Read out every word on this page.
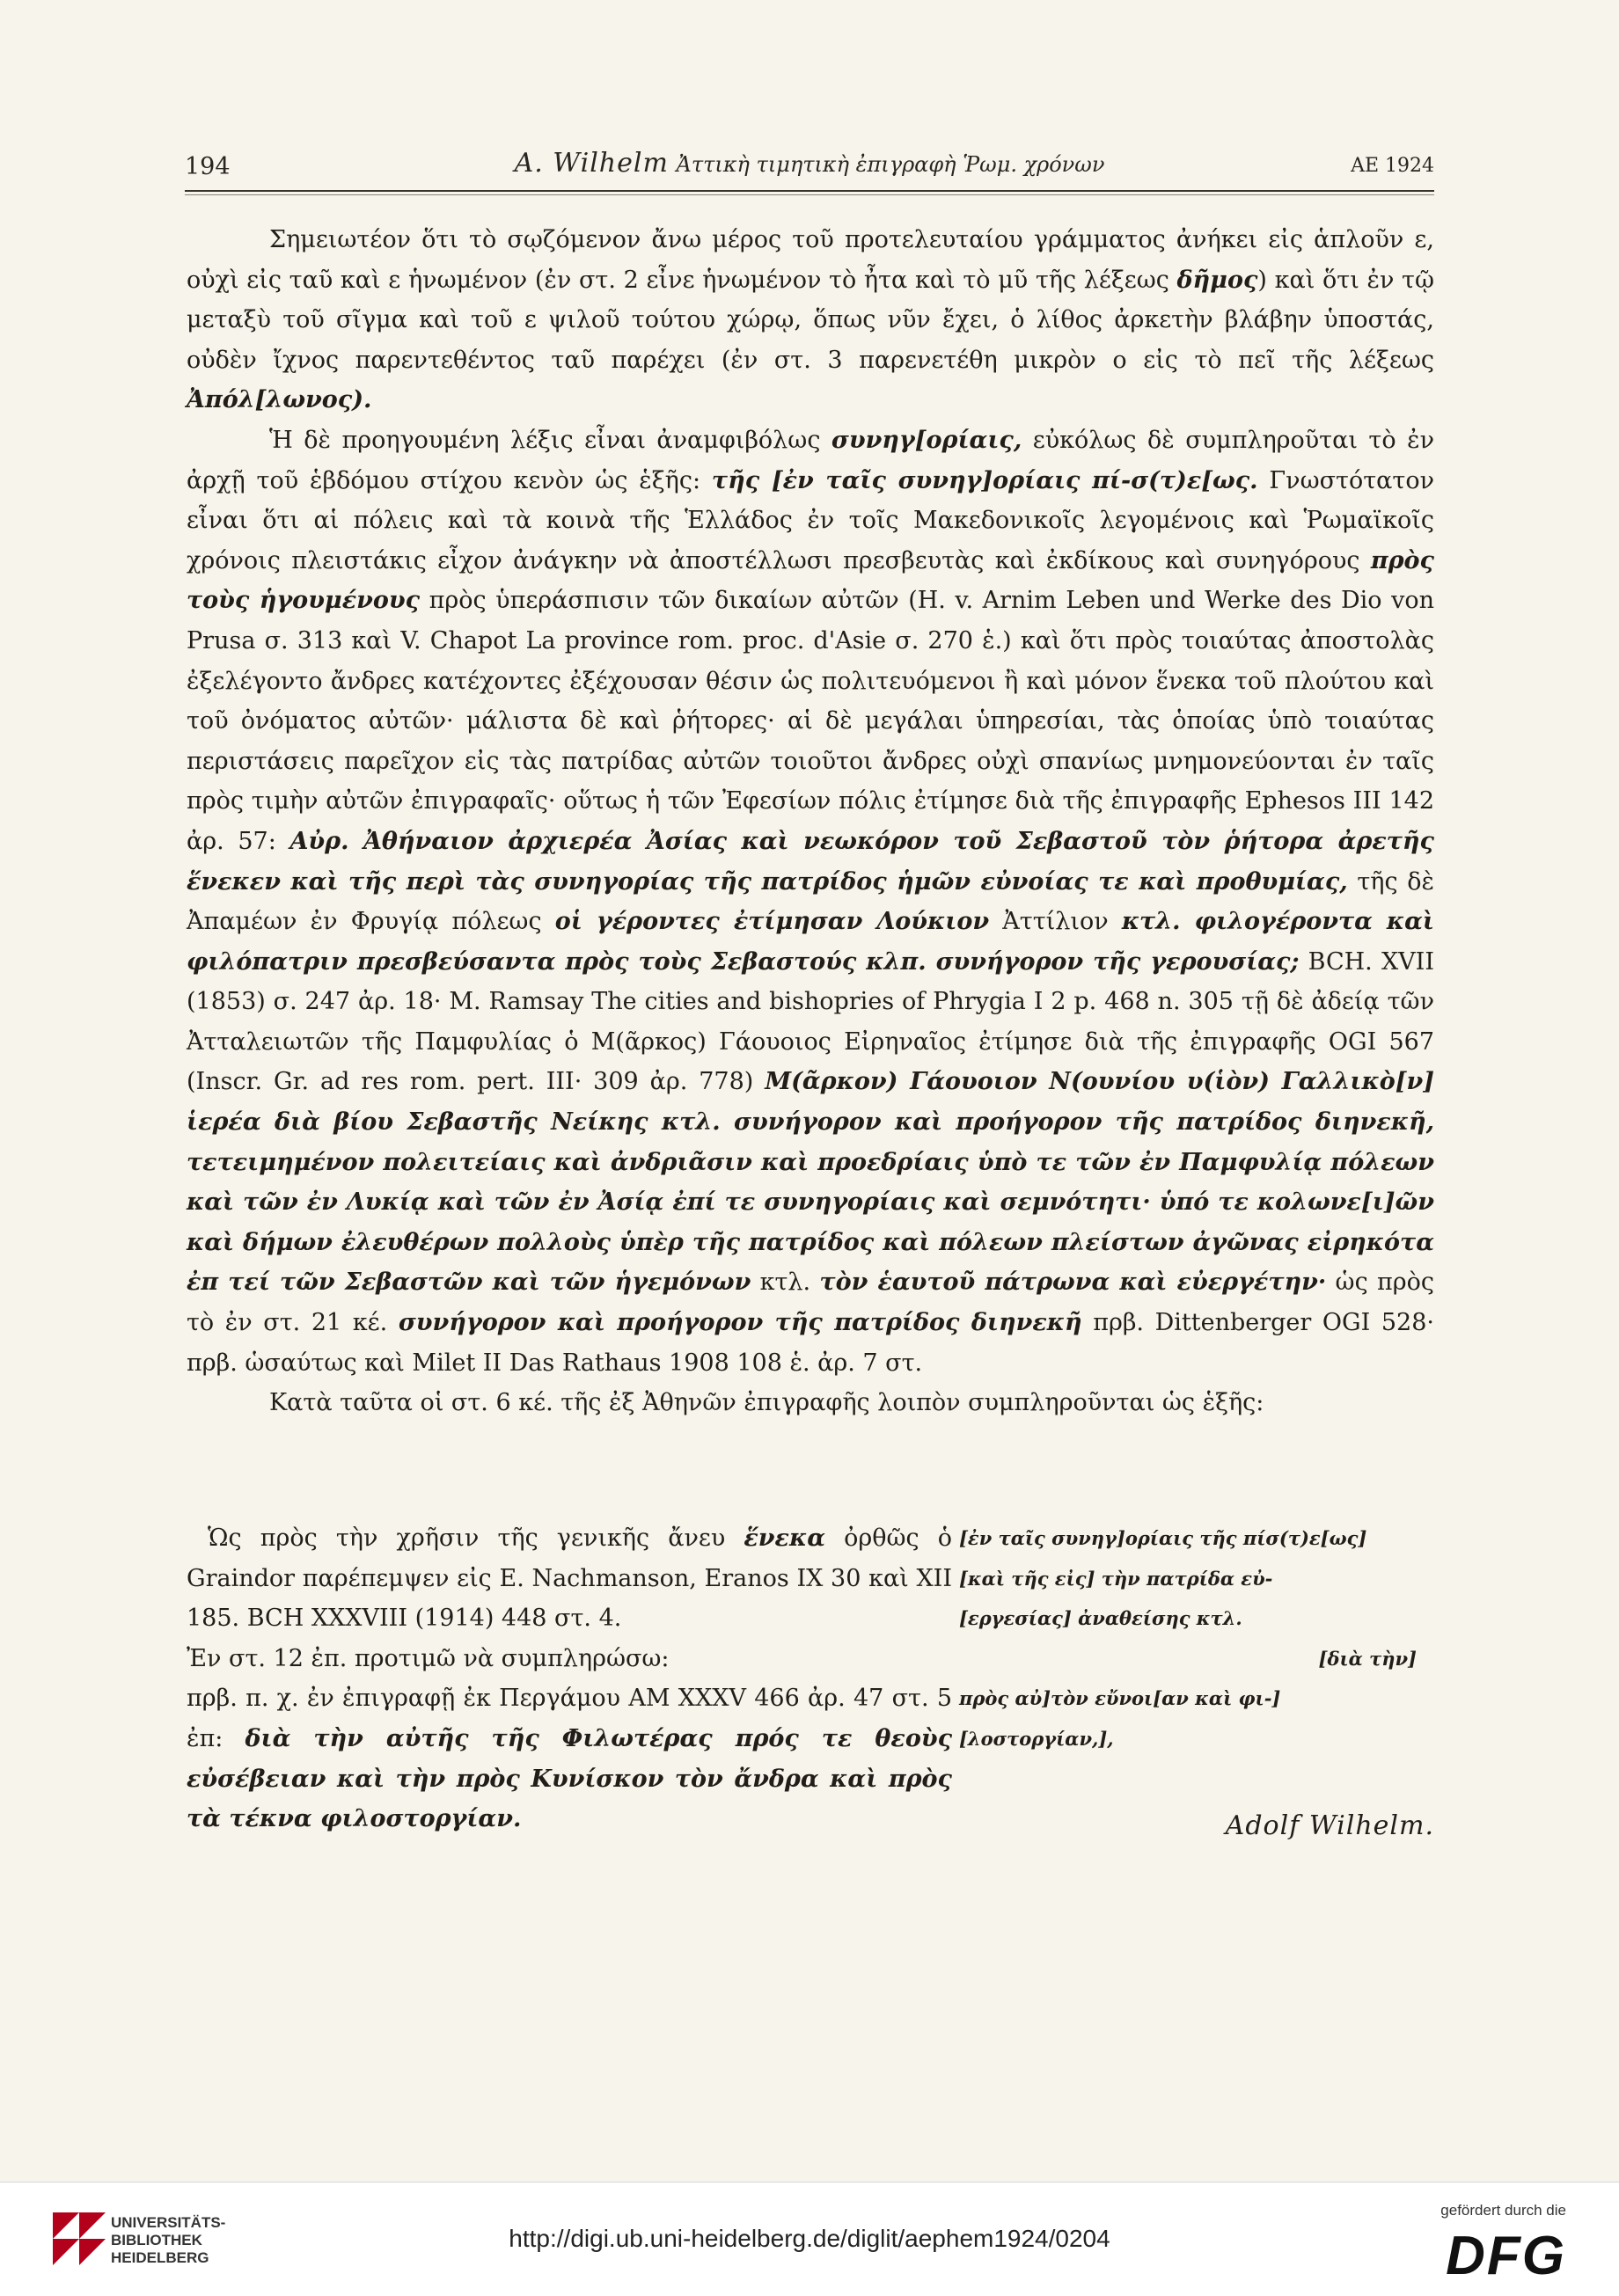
194	A. Wilhelm Ἀττικὴ τιμητικὴ ἐπιγραφὴ Ῥωμ. χρόνων	ΑΕ 1924

Σημειωτέον ὅτι τὸ σῳζόμενον ἄνω μέρος τοῦ προτελευταίου γράμματος ἀνήκει εἰς ἁπλοῦν ε, οὐχὶ εἰς ταῦ καὶ ε ἡνωμένον (ἐν στ. 2 εἶνε ἡνωμένον τὸ ἦτα καὶ τὸ μῦ τῆς λέξεως δῆμος) καὶ ὅτι ἐν τῷ μεταξὺ τοῦ σῖγμα καὶ τοῦ ε ψιλοῦ τούτου χώρῳ, ὅπως νῦν ἔχει, ὁ λίθος ἀρκετὴν βλάβην ὑποστάς, οὐδὲν ἴχνος παρεντεθέντος ταῦ παρέχει (ἐν στ. 3 παρενετέθη μικρὸν ο εἰς τὸ πεῖ τῆς λέξεως Ἀπόλ[λωνος).

Ἡ δὲ προηγουμένη λέξις εἶναι ἀναμφιβόλως συνηγ[ορίαις, εὐκόλως δὲ συμπληροῦται τὸ ἐν ἀρχῇ τοῦ ἑβδόμου στίχου κενὸν ὡς ἑξῆς: τῆς [ἐν ταῖς συνηγ]ορίαις πί-σ(τ)ε[ως. Γνωστότατον εἶναι ὅτι αἱ πόλεις καὶ τὰ κοινὰ τῆς Ἑλλάδος ἐν τοῖς Μακεδονικοῖς λεγομένοις καὶ Ῥωμαϊκοῖς χρόνοις πλειστάκις εἶχον ἀνάγκην νὰ ἀποστέλλωσι πρεσβευτὰς καὶ ἐκδίκους καὶ συνηγόρους πρὸς τοὺς ἡγουμένους πρὸς ὑπεράσπισιν τῶν δικαίων αὐτῶν (H. v. Arnim Leben und Werke des Dio von Prusa σ. 313 καὶ V. Chapot La province rom. proc. d'Asie σ. 270 ἑ.) καὶ ὅτι πρὸς τοιαύτας ἀποστολὰς ἐξελέγοντο ἄνδρες κατέχοντες ἐξέχουσαν θέσιν ὡς πολιτευόμενοι ἢ καὶ μόνον ἕνεκα τοῦ πλούτου καὶ τοῦ ὀνόματος αὐτῶν· μάλιστα δὲ καὶ ῥήτορες· αἱ δὲ μεγάλαι ὑπηρεσίαι, τὰς ὁποίας ὑπὸ τοιαύτας περιστάσεις παρεῖχον εἰς τὰς πατρίδας αὐτῶν τοιοῦτοι ἄνδρες οὐχὶ σπανίως μνημονεύονται ἐν ταῖς πρὸς τιμὴν αὐτῶν ἐπιγραφαῖς· οὕτως ἡ τῶν Ἐφεσίων πόλις ἐτίμησε διὰ τῆς ἐπιγραφῆς Ephesos III 142 ἀρ. 57: Αὐρ. Ἀθήναιον ἀρχιερέα Ἀσίας καὶ νεωκόρον τοῦ Σεβαστοῦ τὸν ῥήτορα ἀρετῆς ἕνεκεν καὶ τῆς περὶ τὰς συνηγορίας τῆς πατρίδος ἡμῶν εὐνοίας τε καὶ προθυμίας, τῆς δὲ Ἀπαμέων ἐν Φρυγίᾳ πόλεως οἱ γέροντες ἐτίμησαν Λούκιον Ἀττίλιον κτλ. φιλογέροντα καὶ φιλόπατριν πρεσβεύσαντα πρὸς τοὺς Σεβαστούς κλπ. συνήγορον τῆς γερουσίας; BCH. XVII (1853) σ. 247 ἀρ. 18· M. Ramsay The cities and bishopries of Phrygia I 2 p. 468 n. 305 τῇ δὲ ἀδείᾳ τῶν Ἀτταλειωτῶν τῆς Παμφυλίας ὁ Μ(ᾶρκος) Γάουοιος Εἰρηναῖος ἐτίμησε διὰ τῆς ἐπιγραφῆς OGI 567 (Inscr. Gr. ad res rom. pert. III· 309 ἀρ. 778) Μ(ᾶρκον) Γάουοιον Ν(ουνίου υ(ἱὸν) Γαλλικὸ[ν] ἱερέα διὰ βίου Σεβαστῆς Νείκης κτλ. συνήγορον καὶ προήγορον τῆς πατρίδος διηνεκῆ, τετειμημένον πολειτείαις καὶ ἀνδριᾶσιν καὶ προεδρίαις ὑπὸ τε τῶν ἐν Παμφυλίᾳ πόλεων καὶ τῶν ἐν Λυκίᾳ καὶ τῶν ἐν Ἀσίᾳ ἐπί τε συνηγορίαις καὶ σεμνότητι· ὑπό τε κολωνε[ι]ῶν καὶ δήμων ἐλευθέρων πολλοὺς ὑπὲρ τῆς πατρίδος καὶ πόλεων πλείστων ἀγῶνας εἰρηκότα ἐπ τεί τῶν Σεβαστῶν καὶ τῶν ἡγεμόνων κτλ. τὸν ἑαυτοῦ πάτρωνα καὶ εὐεργέτην· ὡς πρὸς τὸ ἐν στ. 21 κέ. συνήγορον καὶ προήγορον τῆς πατρίδος διηνεκῆ πρβ. Dittenberger OGI 528· πρβ. ὡσαύτως καὶ Milet II Das Rathaus 1908 108 ἑ. ἀρ. 7 στ.

Κατὰ ταῦτα οἱ στ. 6 κέ. τῆς ἐξ Ἀθηνῶν ἐπιγραφῆς λοιπὸν συμπληροῦνται ὡς ἑξῆς:

Ὡς πρὸς τὴν χρῆσιν τῆς γενικῆς ἄνευ ἕνεκα ὀρθῶς ὁ Graindor παρέπεμψεν εἰς E. Nachmanson, Eranos IX 30 καὶ XII 185. BCH XXXVIII (1914) 448 στ. 4.

Ἐν στ. 12 ἐπ. προτιμῶ νὰ συμπληρώσω:

πρβ. π. χ. ἐν ἐπιγραφῇ ἐκ Περγάμου AM XXXV 466 ἀρ. 47 στ. 5 ἐπ: διὰ τὴν αὐτῆς τῆς Φιλωτέρας πρός τε θεοὺς εὐσέβειαν καὶ τὴν πρὸς Κυνίσκον τὸν ἄνδρα καὶ πρὸς τὰ τέκνα φιλοστοργίαν.

[ἐν ταῖς συνηγ]ορίαις τῆς πίσ(τ)ε[ως]
[καὶ τῆς εἰς] τὴν πατρίδα εὐ-
[εργεσίας] ἀναθείσης κτλ.
[διὰ τὴν]
πρὸς αὐ]τὸν εὔνοι[αν καὶ φι-]
[λοστοργίαν,],
Adolf Wilhelm.
UNIVERSITÄTS-
BIBLIOTHEK
HEIDELBERG
http://digi.ub.uni-heidelberg.de/diglit/aephem1924/0204
gefördert durch die
DFG
